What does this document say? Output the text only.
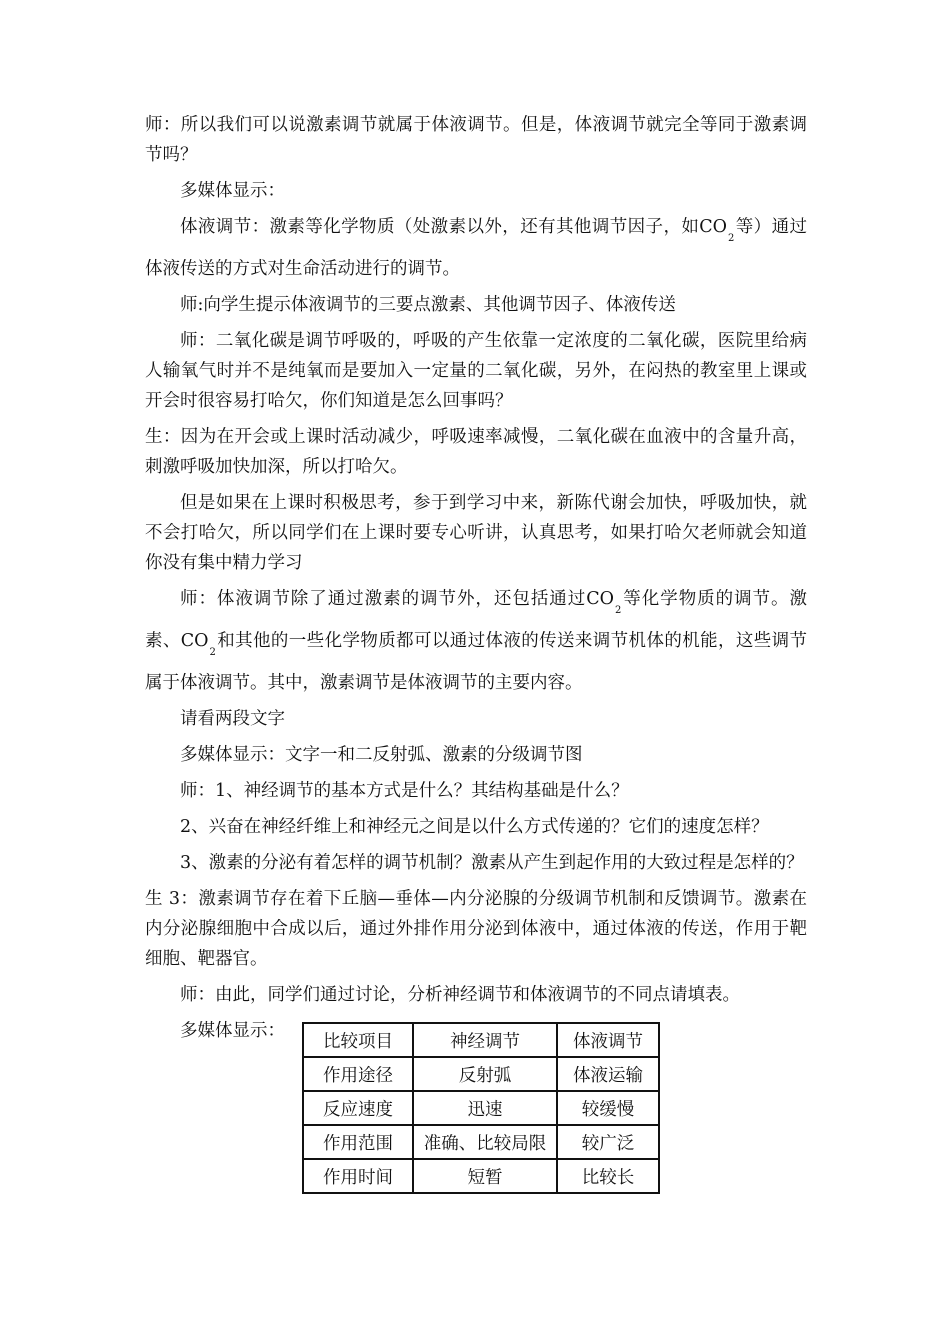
师：所以我们可以说激素调节就属于体液调节。但是，体液调节就完全等同于激素调节吗？

多媒体显示：

体液调节：激素等化学物质（处激素以外，还有其他调节因子，如$CO_2$等）通过体液传送的方式对生命活动进行的调节。

师:向学生提示体液调节的三要点激素、其他调节因子、体液传送

师：二氧化碳是调节呼吸的，呼吸的产生依靠一定浓度的二氧化碳，医院里给病人输氧气时并不是纯氧而是要加入一定量的二氧化碳，另外，在闷热的教室里上课或开会时很容易打哈欠，你们知道是怎么回事吗？

生：因为在开会或上课时活动减少，呼吸速率减慢，二氧化碳在血液中的含量升高，刺激呼吸加快加深，所以打哈欠。

但是如果在上课时积极思考，参于到学习中来，新陈代谢会加快，呼吸加快，就不会打哈欠，所以同学们在上课时要专心听讲，认真思考，如果打哈欠老师就会知道你没有集中精力学习

师：体液调节除了通过激素的调节外，还包括通过$CO_2$等化学物质的调节。激素、$CO_2$和其他的一些化学物质都可以通过体液的传送来调节机体的机能，这些调节属于体液调节。其中，激素调节是体液调节的主要内容。

请看两段文字

多媒体显示：文字一和二反射弧、激素的分级调节图

师：1、神经调节的基本方式是什么？其结构基础是什么？

2、兴奋在神经纤维上和神经元之间是以什么方式传递的？它们的速度怎样？

3、激素的分泌有着怎样的调节机制？激素从产生到起作用的大致过程是怎样的？

生 3：激素调节存在着下丘脑—垂体—内分泌腺的分级调节机制和反馈调节。激素在内分泌腺细胞中合成以后，通过外排作用分泌到体液中，通过体液的传送，作用于靶细胞、靶器官。

师：由此，同学们通过讨论，分析神经调节和体液调节的不同点请填表。

多媒体显示：

比较项目	神经调节	体液调节
作用途径	反射弧	体液运输
反应速度	迅速	较缓慢
作用范围	准确、比较局限	较广泛
作用时间	短暂	比较长
